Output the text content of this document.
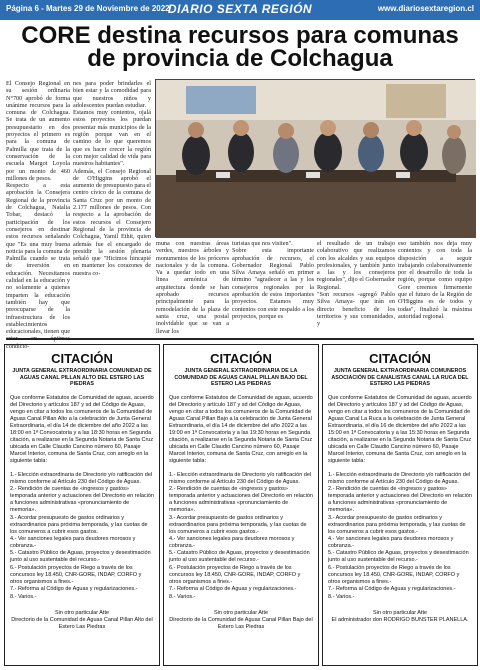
Página 6 - Martes 29 de Noviembre de 2022
DIARIO SEXTA REGIÓN	www.diariosextaregion.cl
CORE destina recursos para comunas de provincia de Colchagua
El Consejo Regional en su sesión ordinaria N°700 aprobó de forma unánime recursos para la comuna de Colchagua. Se trata de un aumento presupuestario en dos proyectos el primero es para la comuna de Palmilla que trata de la conservación de la escuela Margot Loyola por un monto de 460 millones de pesos.
Respecto a esta aprobación la Consejera Regional de la provincia de Colchagua, Natalia Tobar, destacó la participación de los consejeros en destinar estos recursos señalando que "Es una muy buena noticia para la comuna de Palmilla cuando se trata de inversión en educación. Necesitamos calidad en la educación y no solamente a quienes imparten la educación también hay que preocuparse de la infraestructura de los establecimientos educacionales, tienen que condicio-
nes para poder brindarles el bien estar y la comodidad para que nuestros niños y adolescentes puedan estudiar.
Estamos muy contentos, ojalá estos proyectos los puedan presentar más municipios de la región porque van en el camino de lo que queremos que es hacer crecer la región con mejor calidad de vida para nuestros habitantes".
Además, el Consejo Regional de O'Higgins aprobó el aumento de presupuesto para el centro cívico de la comuna de Santa Cruz por un monto de 2.177 millones de pesos. Con respecto a la aprobación de estos recursos el Consejero Regional de la provincia de Colchagua, Yamil Ethit, quien además fue el encargado de presidir la sesión plenaria señaló que "Hicimos hincapié en mantener los corazones de nuestra co-
muna con nuestras áreas verdes, nuestros árboles y monumentos de los próceres nacionales y de la comuna. Va a quedar todo en una linea armónica de arquitectura donde se han aprobado recursos principalmente para la remodelación de la plaza de santa cruz, una postal inolvidable que se van a llevar los
turistas que nos visiten".
Sobre esta importante aprobación de recursos, el Gobernador Regional Pablo Silva Amaya señaló en primer término "agradecer a las y los consejeros regionales por la aprobación de estos importantes proyectos. Estamos muy contentos con este respaldo a los proyectos, porque es
el resultado de un trabajo colaborativo que realizamos con los alcaldes y sus equipos profesionales, y también junto a las y los consejeros regionales", dijo el Gobernador Regional.
"Son recursos -agregó Pablo Silva Amaya- que irán en directo beneficio de los territorios y sus comunidades, y
eso también nos deja muy contentos y con toda la disposición a seguir trabajando colaborativamente por el desarrollo de toda la región, porque como equipo Gore creemos firmemente que el futuro de la Región de O'Higgins es de todos y todas", finalizó la máxima autoridad regional.
CITACIÓN
JUNTA GENERAL EXTRAORDINARIA COMUNIDAD DE AGUAS CANAL PILLAN ALTO DEL ESTERO LAS PIEDRAS
Que conforme Estatutos de Comunidad de aguas, acuerdo del Directorio y artículos 187 y sd del Código de Aguas, vengo en citar a todos los comuneros de la Comunidad de Aguas Canal Pillan Alto a la celebración de Junta General Extraordinaria, el día 14 de diciembre del año 2022 a las 18:00 en 1ª Convocatoria y a las 18:30 horas en Segunda citación, a realizarse en la Segunda Notaria de Santa Cruz ubicada en Calle Claudio Cancino número 60, Pasaje Marcel Interior, comuna de Santa Cruz, con arreglo en la siguiente tabla:
1.- Elección extraordinaria de Directorio y/o ratificación del mismo conforme al Artículo 230 del Código de Aguas.
2.- Rendición de cuentas de «ingresos y gastos» temporada anterior y actuaciones del Directorio en relación a funciones administrativas «pronunciamiento de memoria».
3.- Acordar presupuesto de gastos ordinarios y extraordinarios para próxima temporada, y las cuotas de los comuneros a cubrir esos gastos.
4.- Ver sanciones legales para deudores morosos y cobranza.-
5.- Catastro Público de Aguas, proyectos y desestimación junto al uso sustentable del recurso.-
6.- Postulación proyectos de Riego a través de los concursos ley 18.450, CNR-GORE, INDAP, CORFO y otros organismos a fines.-
7.- Reforma al Código de Aguas y regularizaciones.-
8.- Varios.-
Sin otro particular Atte
Directorio de la Comunidad de Aguas Canal Pillan Alto del Estero Las Piedras
CITACIÓN
JUNTA GENERAL EXTRAORDINARIA DE LA COMUNIDAD DE AGUAS CANAL PILLAN BAJO DEL ESTERO LAS PIEDRAS
Que conforme Estatutos de Comunidad de aguas, acuerdo del Directorio y artículo 187 y sd del Código de Aguas, vengo en citar a todos los comuneros de la Comunidad de Aguas Canal Pillan Bajo a la celebración de Junta General Extraordinaria, el día 14 de diciembre del año 2022 a las 19:00 en 1ª Convocatoria y a las 19:30 horas en Segunda citación, a realizarse en la Segunda Notaria de Santa Cruz ubicada en Calle Claudio Cancino número 60, Pasaje Marcel Interior, comuna de Santa Cruz, con arreglo en la siguiente tabla:
1.- Elección extraordinaria de Directorio y/o ratificación del mismo conforme al Artículo 230 del Código de Aguas.
2.- Rendición de cuentas de «ingresos y gastos» temporada anterior y actuaciones del Directorio en relación a funciones administrativas «pronunciamiento de memoria».
3.- Acordar presupuesto de gastos ordinarios y extraordinarios para próxima temporada, y las cuotas de los comuneros a cubrir esos gastos.-
4.- Ver sanciones legales para deudores morosos y cobranza.-
5.- Catastro Público de Aguas, proyectos y desestimación junto al uso sustentable del recurso.-
6.- Postulación proyectos de Riego a través de los concursos ley 18.450, CNR-GORE, INDAP, CORFO y otros organismos a fines.-
7.- Reforma al Código de Aguas y regularizaciones.-
8.- Varios.-
Sin otro particular Atte
Directorio de la Comunidad de Aguas Canal Pillan Bajo del Estero Las Piedras
CITACIÓN
JUNTA GENERAL EXTRAORDINARIA COMUNEROS ASOCIACIÓN DE CANALISTAS CANAL LA RUCA DEL ESTERO LAS PIEDRAS
Que conforme Estatutos de Comunidad de aguas, acuerdo del Directorio y artículos 187 y sd del Código de Aguas, vengo en citar a todos los comuneros de la Comunidad de Aguas Canal La Ruca a la celebración de Junta General Extraordinaria, el día 16 de diciembre del año 2022 a las 15:00 en 1ª Convocatoria y a las 15:30 horas en Segunda citación, a realizarse en la Segunda Notaria de Santa Cruz ubicada en Calle Claudio Cancino número 60, Pasaje Marcel Interior, comuna de Santa Cruz, con arreglo en la siguiente tabla:
1.- Elección extraordinaria de Directorio y/o ratificación del mismo conforme al Artículo 230 del Código de Aguas.
2.- Rendición de cuentas de «ingresos y gastos» temporada anterior y actuaciones del Directorio en relación a funciones administrativas «pronunciamiento de memoria».
3.- Acordar presupuesto de gastos ordinarios y extraordinarios para próxima temporada, y las cuotas de los comuneros a cubrir esos gastos.-
4.- Ver sanciones legales para deudores morosos y cobranza.-
5.- Catastro Público de Aguas, proyectos y desestimación junto al uso sustentable del recurso.-
6.- Postulación proyectos de Riego a través de los concursos ley 18.450, CNR-GORE, INDAP, CORFO y otros organismos a fines.-
7.- Reforma al Código de Aguas y regularizaciones.-
8.- Varios.-
Sin otro particular Atte
El administrador don RODRIGO BUNSTER PLANELLA.
